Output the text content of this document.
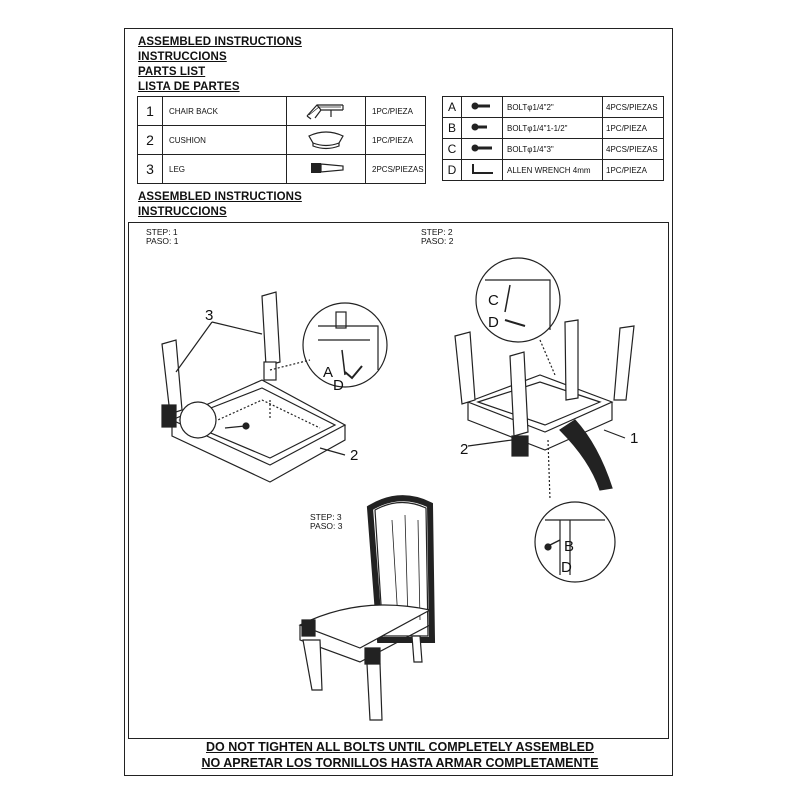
ASSEMBLED INSTRUCTIONS
INSTRUCCIONS
PARTS LIST
LISTA DE PARTES
1	CHAIR BACK		1PC/PIEZA
2	CUSHION		1PC/PIEZA
3	LEG		2PCS/PIEZAS
A		BOLTφ1/4"2"	4PCS/PIEZAS
B		BOLTφ1/4"1-1/2"	1PC/PIEZA
C		BOLTφ1/4"3"	4PCS/PIEZAS
D		ALLEN WRENCH 4mm	1PC/PIEZA
ASSEMBLED INSTRUCTIONS
INSTRUCCIONS
STEP: 1
PASO: 1
STEP: 2
PASO: 2
STEP: 3
PASO: 3
3
2
A
D
C
D
2
1
B
D
DO NOT TIGHTEN ALL BOLTS UNTIL COMPLETELY ASSEMBLED
NO APRETAR LOS TORNILLOS HASTA ARMAR COMPLETAMENTE
